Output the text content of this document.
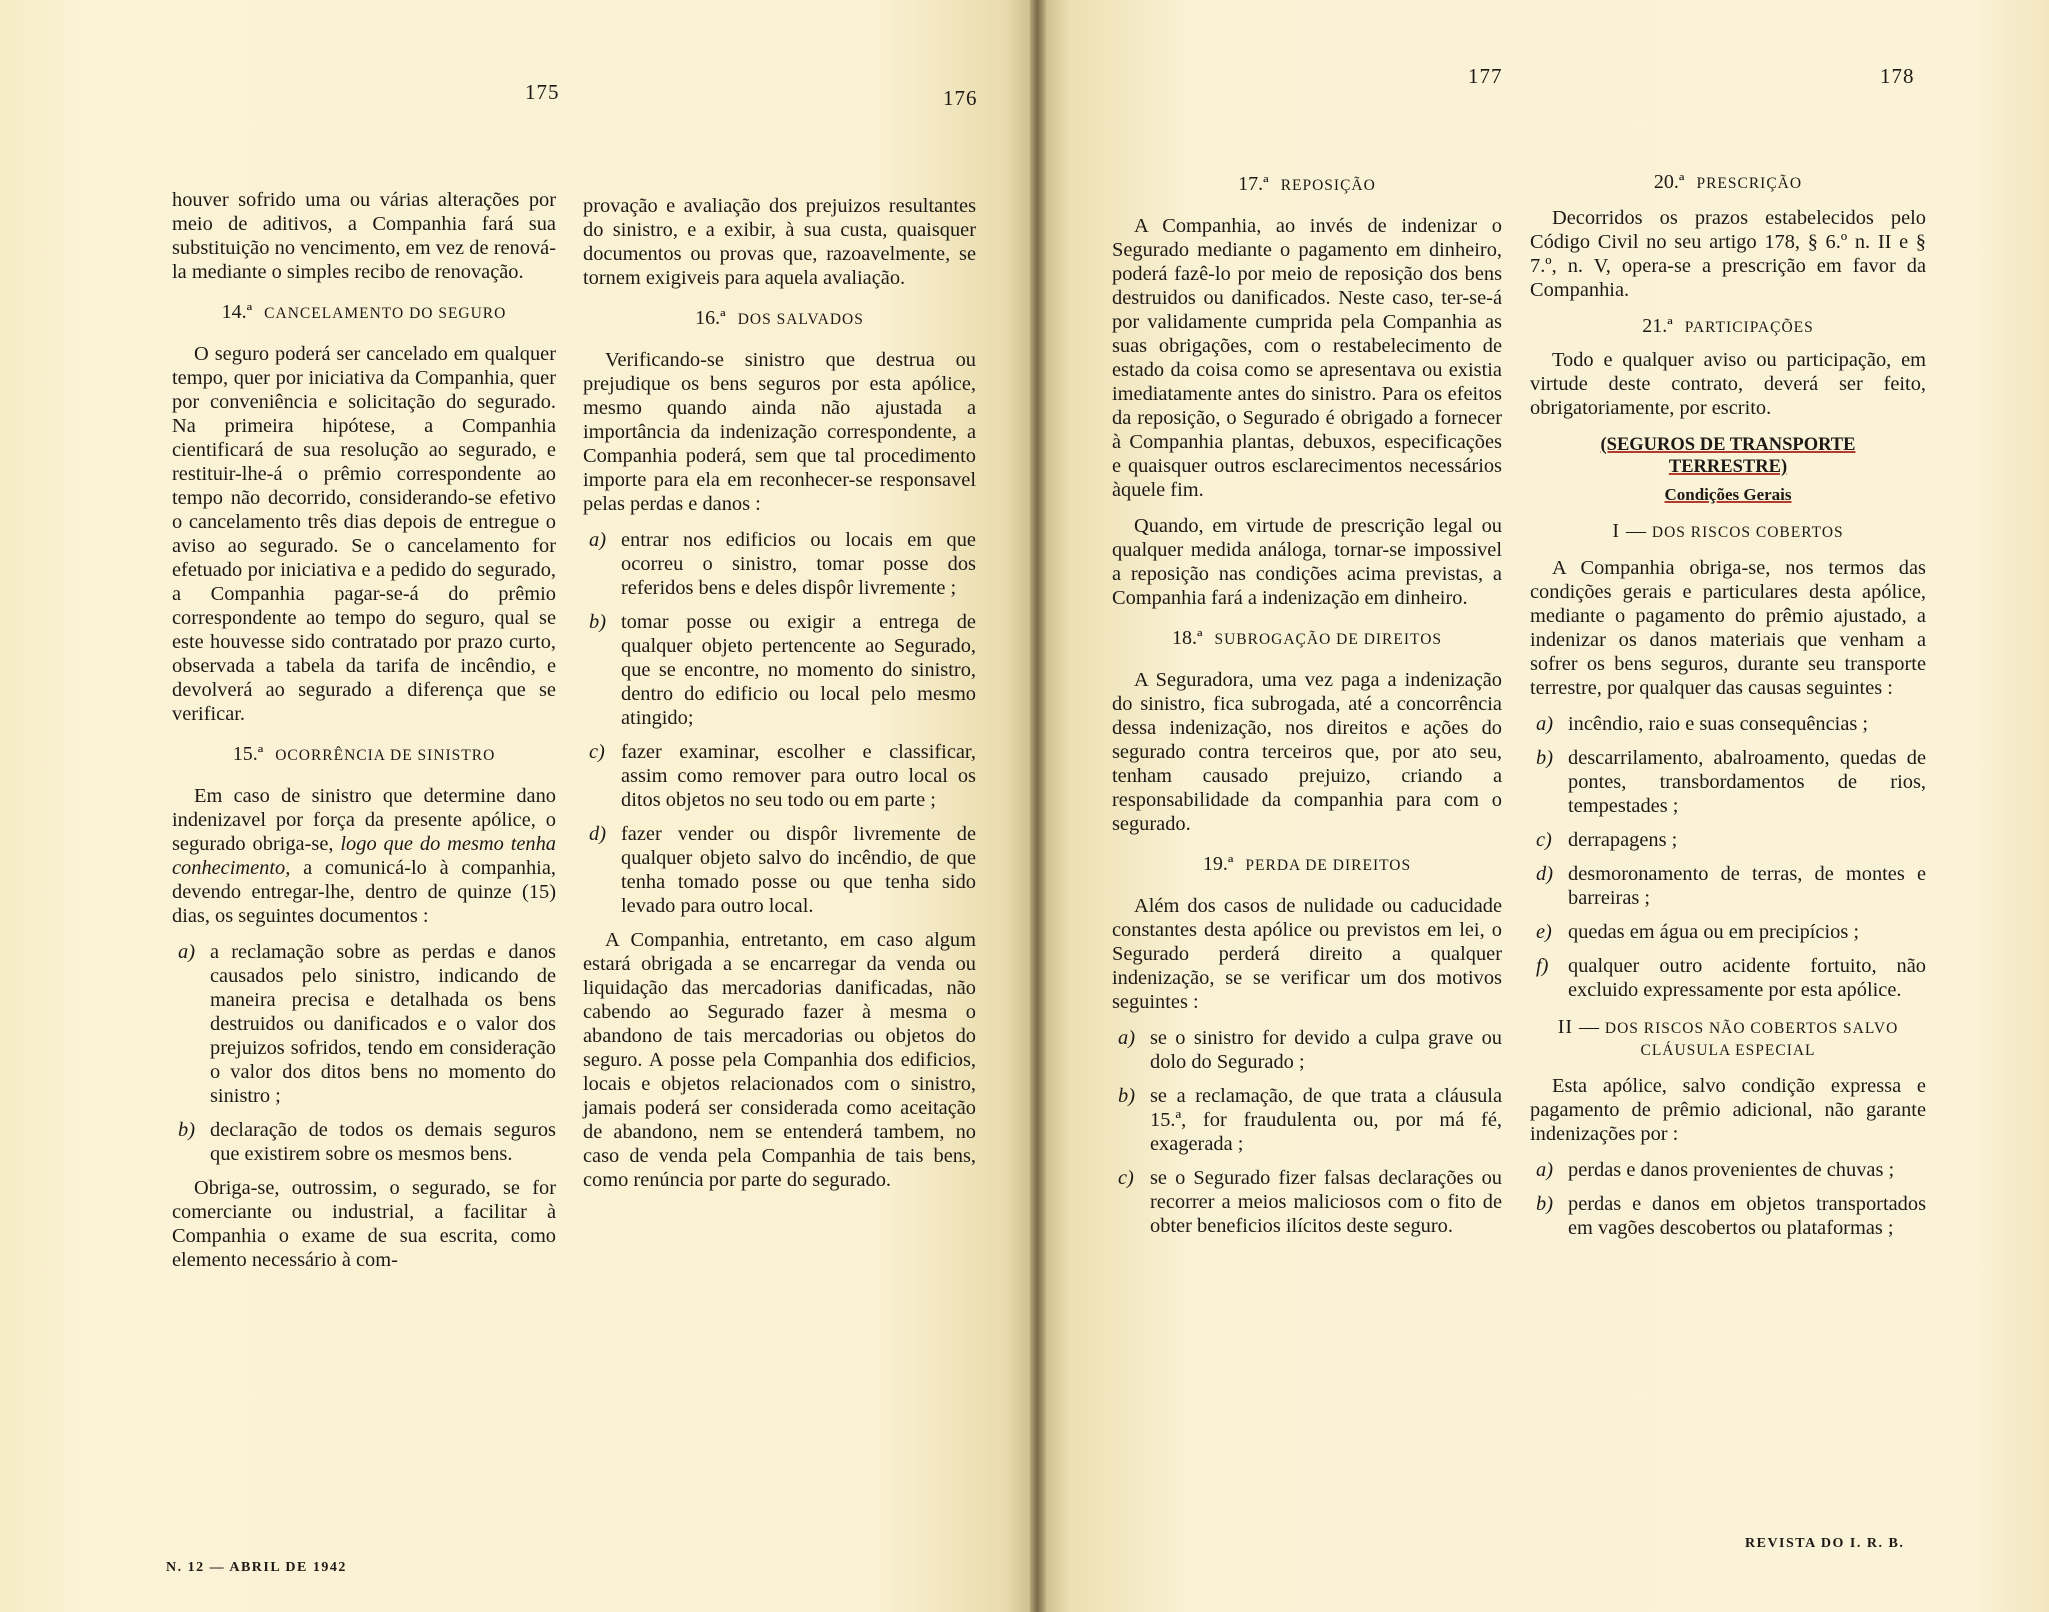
175	176
177	178

houver sofrido uma ou várias alterações por meio de aditivos, a Companhia fará sua substituição no vencimento, em vez de renová-la mediante o simples recibo de renovação.

14.ª CANCELAMENTO DO SEGURO

O seguro poderá ser cancelado em qualquer tempo, quer por iniciativa da Companhia, quer por conveniência e solicitação do segurado. Na primeira hipótese, a Companhia cientificará de sua resolução ao segurado, e restituir-lhe-á o prêmio correspondente ao tempo não decorrido, considerando-se efetivo o cancelamento três dias depois de entregue o aviso ao segurado. Se o cancelamento for efetuado por iniciativa e a pedido do segurado, a Companhia pagar-se-á do prêmio correspondente ao tempo do seguro, qual se este houvesse sido contratado por prazo curto, observada a tabela da tarifa de incêndio, e devolverá ao segurado a diferença que se verificar.

15.ª OCORRÊNCIA DE SINISTRO

Em caso de sinistro que determine dano indenizavel por força da presente apólice, o segurado obriga-se, logo que do mesmo tenha conhecimento, a comunicá-lo à companhia, devendo entregar-lhe, dentro de quinze (15) dias, os seguintes documentos :

a) a reclamação sobre as perdas e danos causados pelo sinistro, indicando de maneira precisa e detalhada os bens destruidos ou danificados e o valor dos prejuizos sofridos, tendo em consideração o valor dos ditos bens no momento do sinistro ;
b) declaração de todos os demais seguros que existirem sobre os mesmos bens.

Obriga-se, outrossim, o segurado, se for comerciante ou industrial, a facilitar à Companhia o exame de sua escrita, como elemento necessário à com-

provação e avaliação dos prejuizos resultantes do sinistro, e a exibir, à sua custa, quaisquer documentos ou provas que, razoavelmente, se tornem exigiveis para aquela avaliação.

16.ª DOS SALVADOS

Verificando-se sinistro que destrua ou prejudique os bens seguros por esta apólice, mesmo quando ainda não ajustada a importância da indenização correspondente, a Companhia poderá, sem que tal procedimento importe para ela em reconhecer-se responsavel pelas perdas e danos :

a) entrar nos edificios ou locais em que ocorreu o sinistro, tomar posse dos referidos bens e deles dispôr livremente ;
b) tomar posse ou exigir a entrega de qualquer objeto pertencente ao Segurado, que se encontre, no momento do sinistro, dentro do edificio ou local pelo mesmo atingido;
c) fazer examinar, escolher e classificar, assim como remover para outro local os ditos objetos no seu todo ou em parte ;
d) fazer vender ou dispôr livremente de qualquer objeto salvo do incêndio, de que tenha tomado posse ou que tenha sido levado para outro local.

A Companhia, entretanto, em caso algum estará obrigada a se encarregar da venda ou liquidação das mercadorias danificadas, não cabendo ao Segurado fazer à mesma o abandono de tais mercadorias ou objetos do seguro. A posse pela Companhia dos edificios, locais e objetos relacionados com o sinistro, jamais poderá ser considerada como aceitação de abandono, nem se entenderá tambem, no caso de venda pela Companhia de tais bens, como renúncia por parte do segurado.

17.ª REPOSIÇÃO

A Companhia, ao invés de indenizar o Segurado mediante o pagamento em dinheiro, poderá fazê-lo por meio de reposição dos bens destruidos ou danificados. Neste caso, ter-se-á por validamente cumprida pela Companhia as suas obrigações, com o restabelecimento de estado da coisa como se apresentava ou existia imediatamente antes do sinistro. Para os efeitos da reposição, o Segurado é obrigado a fornecer à Companhia plantas, debuxos, especificações e quaisquer outros esclarecimentos necessários àquele fim.

Quando, em virtude de prescrição legal ou qualquer medida análoga, tornar-se impossivel a reposição nas condições acima previstas, a Companhia fará a indenização em dinheiro.

18.ª SUBROGAÇÃO DE DIREITOS

A Seguradora, uma vez paga a indenização do sinistro, fica subrogada, até a concorrência dessa indenização, nos direitos e ações do segurado contra terceiros que, por ato seu, tenham causado prejuizo, criando a responsabilidade da companhia para com o segurado.

19.ª PERDA DE DIREITOS

Além dos casos de nulidade ou caducidade constantes desta apólice ou previstos em lei, o Segurado perderá direito a qualquer indenização, se se verificar um dos motivos seguintes :

a) se o sinistro for devido a culpa grave ou dolo do Segurado ;
b) se a reclamação, de que trata a cláusula 15.ª, for fraudulenta ou, por má fé, exagerada ;
c) se o Segurado fizer falsas declarações ou recorrer a meios maliciosos com o fito de obter beneficios ilícitos deste seguro.
20.ª PRESCRIÇÃO

Decorridos os prazos estabelecidos pelo Código Civil no seu artigo 178, § 6.º n. II e § 7.º, n. V, opera-se a prescrição em favor da Companhia.

21.ª PARTICIPAÇÕES

Todo e qualquer aviso ou participação, em virtude deste contrato, deverá ser feito, obrigatoriamente, por escrito.

(SEGUROS DE TRANSPORTE
TERRESTRE)
Condições Gerais
I — DOS RISCOS COBERTOS

A Companhia obriga-se, nos termos das condições gerais e particulares desta apólice, mediante o pagamento do prêmio ajustado, a indenizar os danos materiais que venham a sofrer os bens seguros, durante seu transporte terrestre, por qualquer das causas seguintes :

a) incêndio, raio e suas consequências ;
b) descarrilamento, abalroamento, quedas de pontes, transbordamentos de rios, tempestades ;
c) derrapagens ;
d) desmoronamento de terras, de montes e barreiras ;
e) quedas em água ou em precipícios ;
f) qualquer outro acidente fortuito, não excluido expressamente por esta apólice.
II — DOS RISCOS NÃO COBERTOS SALVO
CLÁUSULA ESPECIAL

Esta apólice, salvo condição expressa e pagamento de prêmio adicional, não garante indenizações por :

a) perdas e danos provenientes de chuvas ;
b) perdas e danos em objetos transportados em vagões descobertos ou plataformas ;
N. 12 — ABRIL DE 1942
REVISTA DO I. R. B.
